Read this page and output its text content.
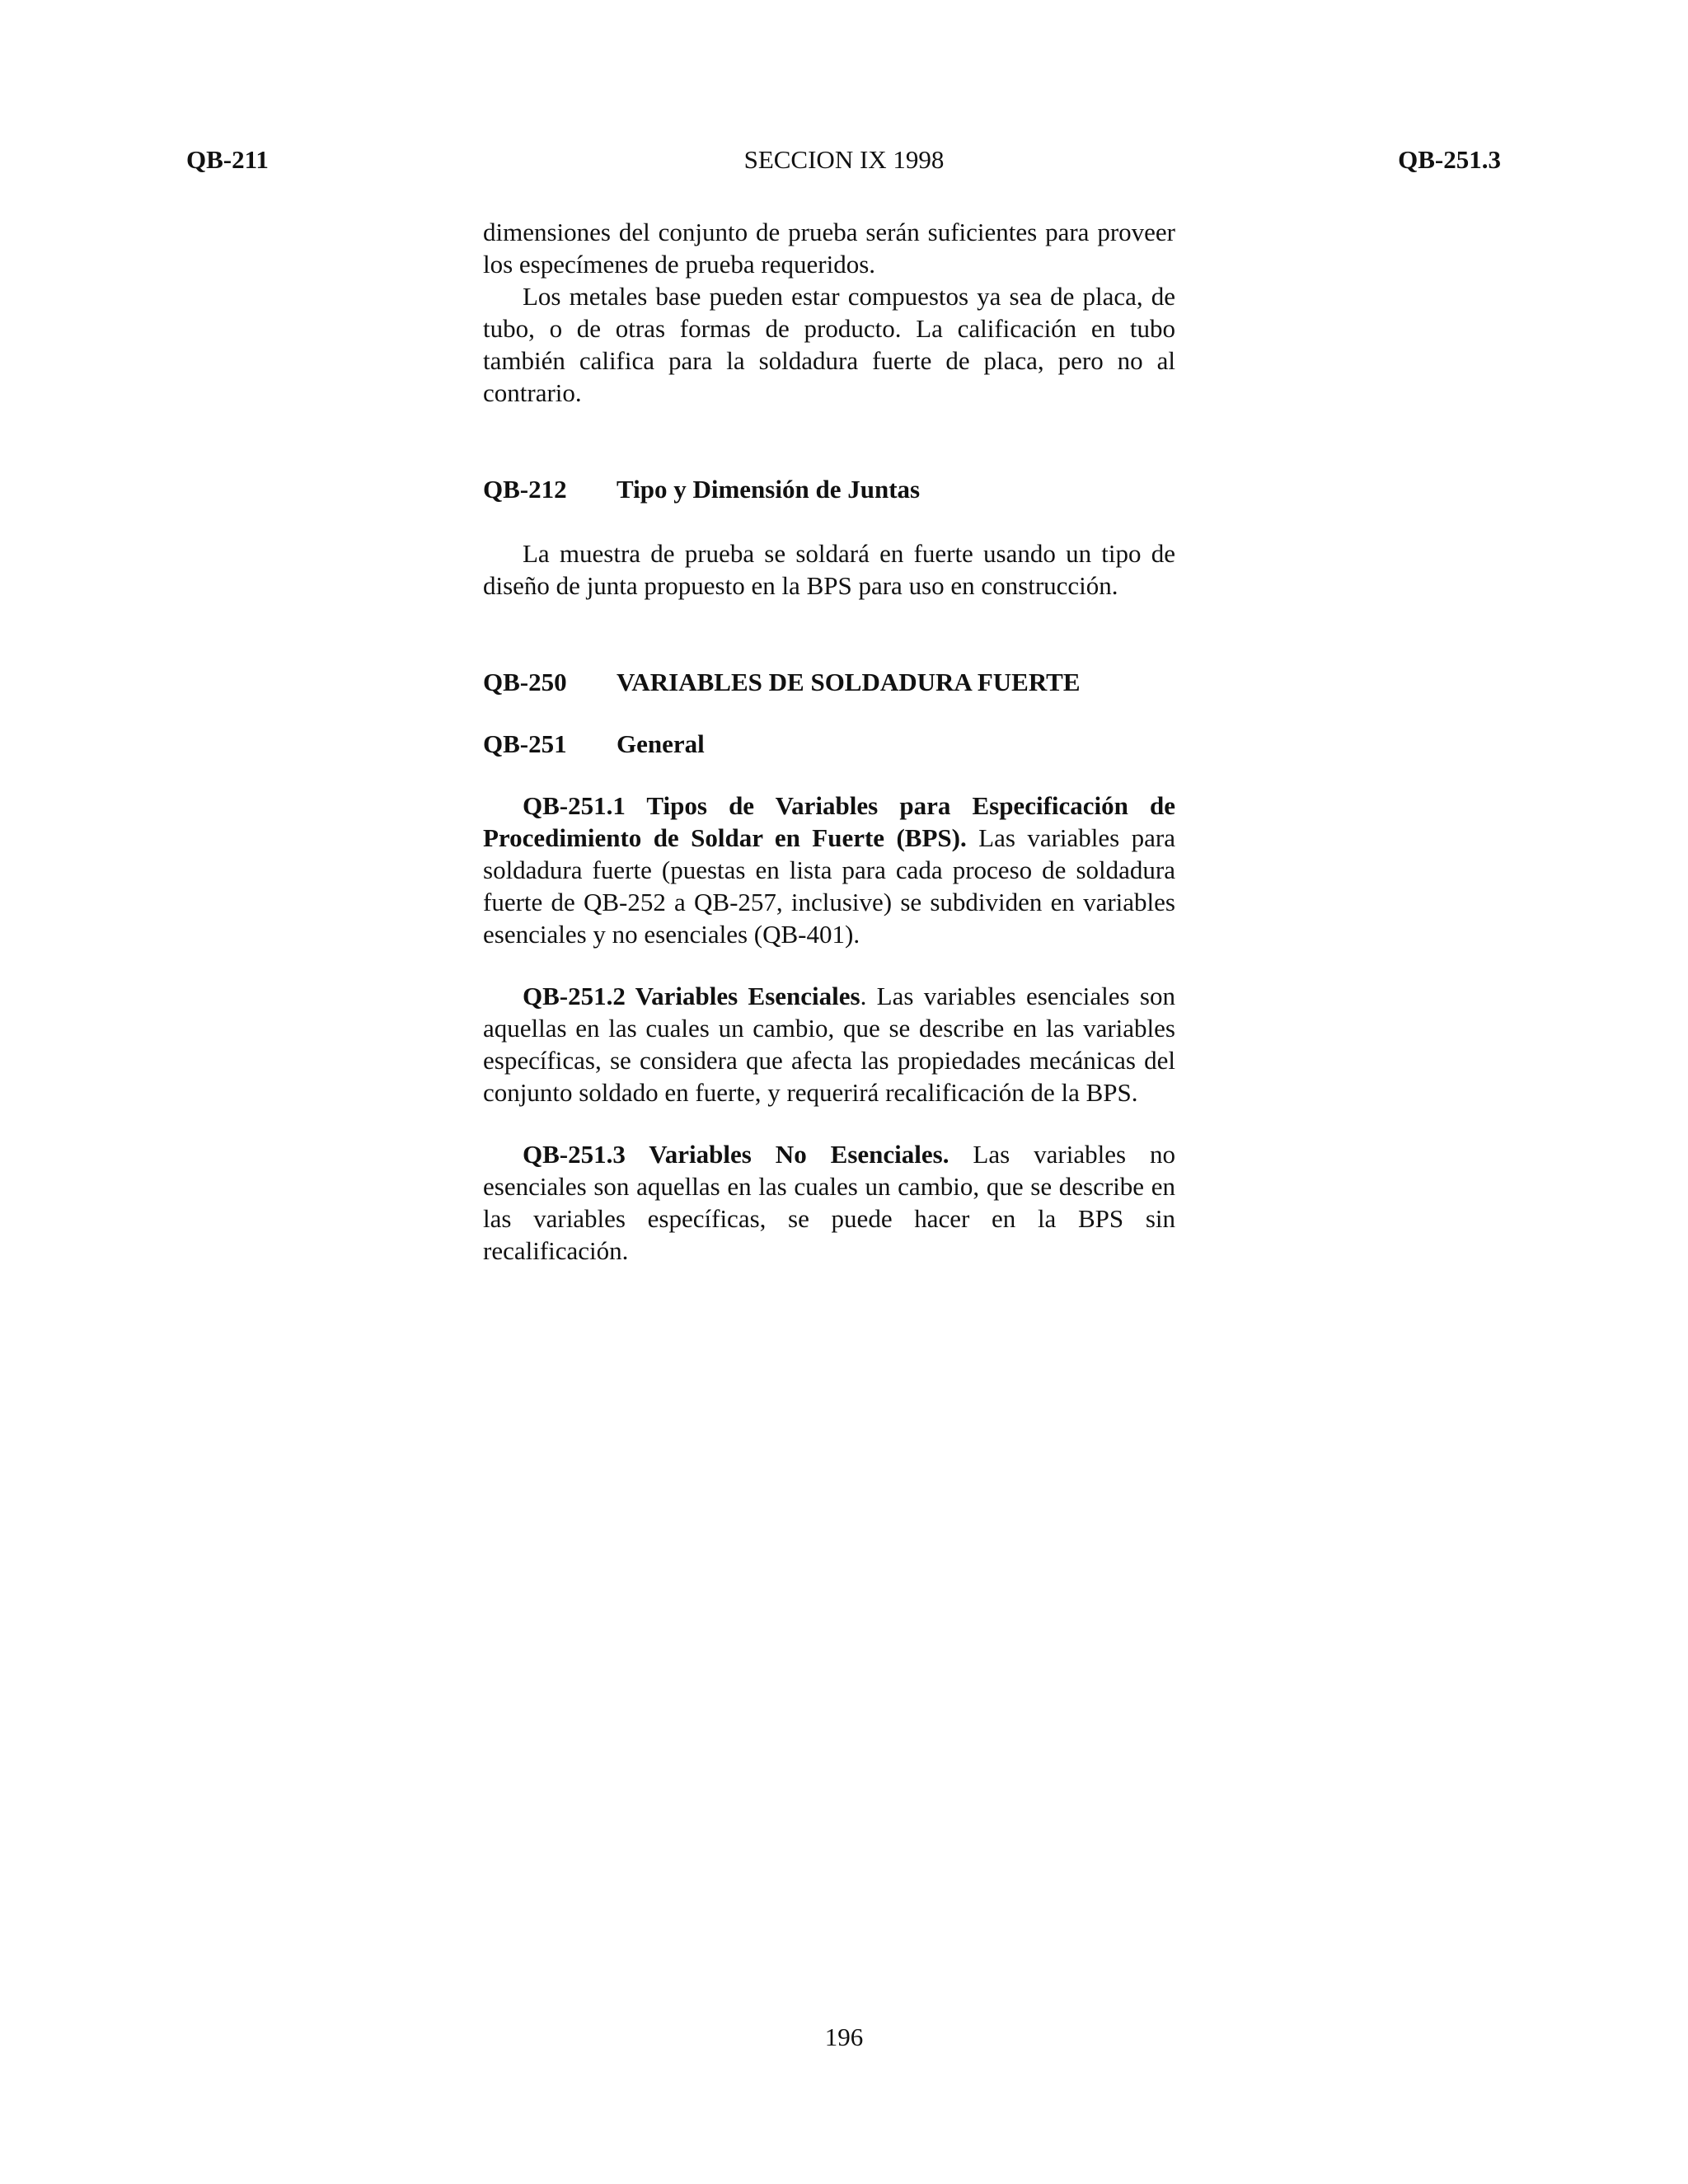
QB-211	SECCION IX 1998	QB-251.3

dimensiones del conjunto de prueba serán suficientes para proveer los especímenes de prueba requeridos.

Los metales base pueden estar compuestos ya sea de placa, de tubo, o de otras formas de producto. La calificación en tubo también califica para la soldadura fuerte de placa, pero no al contrario.

QB-212	Tipo y Dimensión de Juntas

La muestra de prueba se soldará en fuerte usando un tipo de diseño de junta propuesto en la BPS para uso en construcción.

QB-250	VARIABLES DE SOLDADURA FUERTE
QB-251	General

QB-251.1 Tipos de Variables para Especificación de Procedimiento de Soldar en Fuerte (BPS). Las variables para soldadura fuerte (puestas en lista para cada proceso de soldadura fuerte de QB-252 a QB-257, inclusive) se subdividen en variables esenciales y no esenciales (QB-401).

QB-251.2 Variables Esenciales. Las variables esenciales son aquellas en las cuales un cambio, que se describe en las variables específicas, se considera que afecta las propiedades mecánicas del conjunto soldado en fuerte, y requerirá recalificación de la BPS.

QB-251.3 Variables No Esenciales. Las variables no esenciales son aquellas en las cuales un cambio, que se describe en las variables específicas, se puede hacer en la BPS sin recalificación.

196
